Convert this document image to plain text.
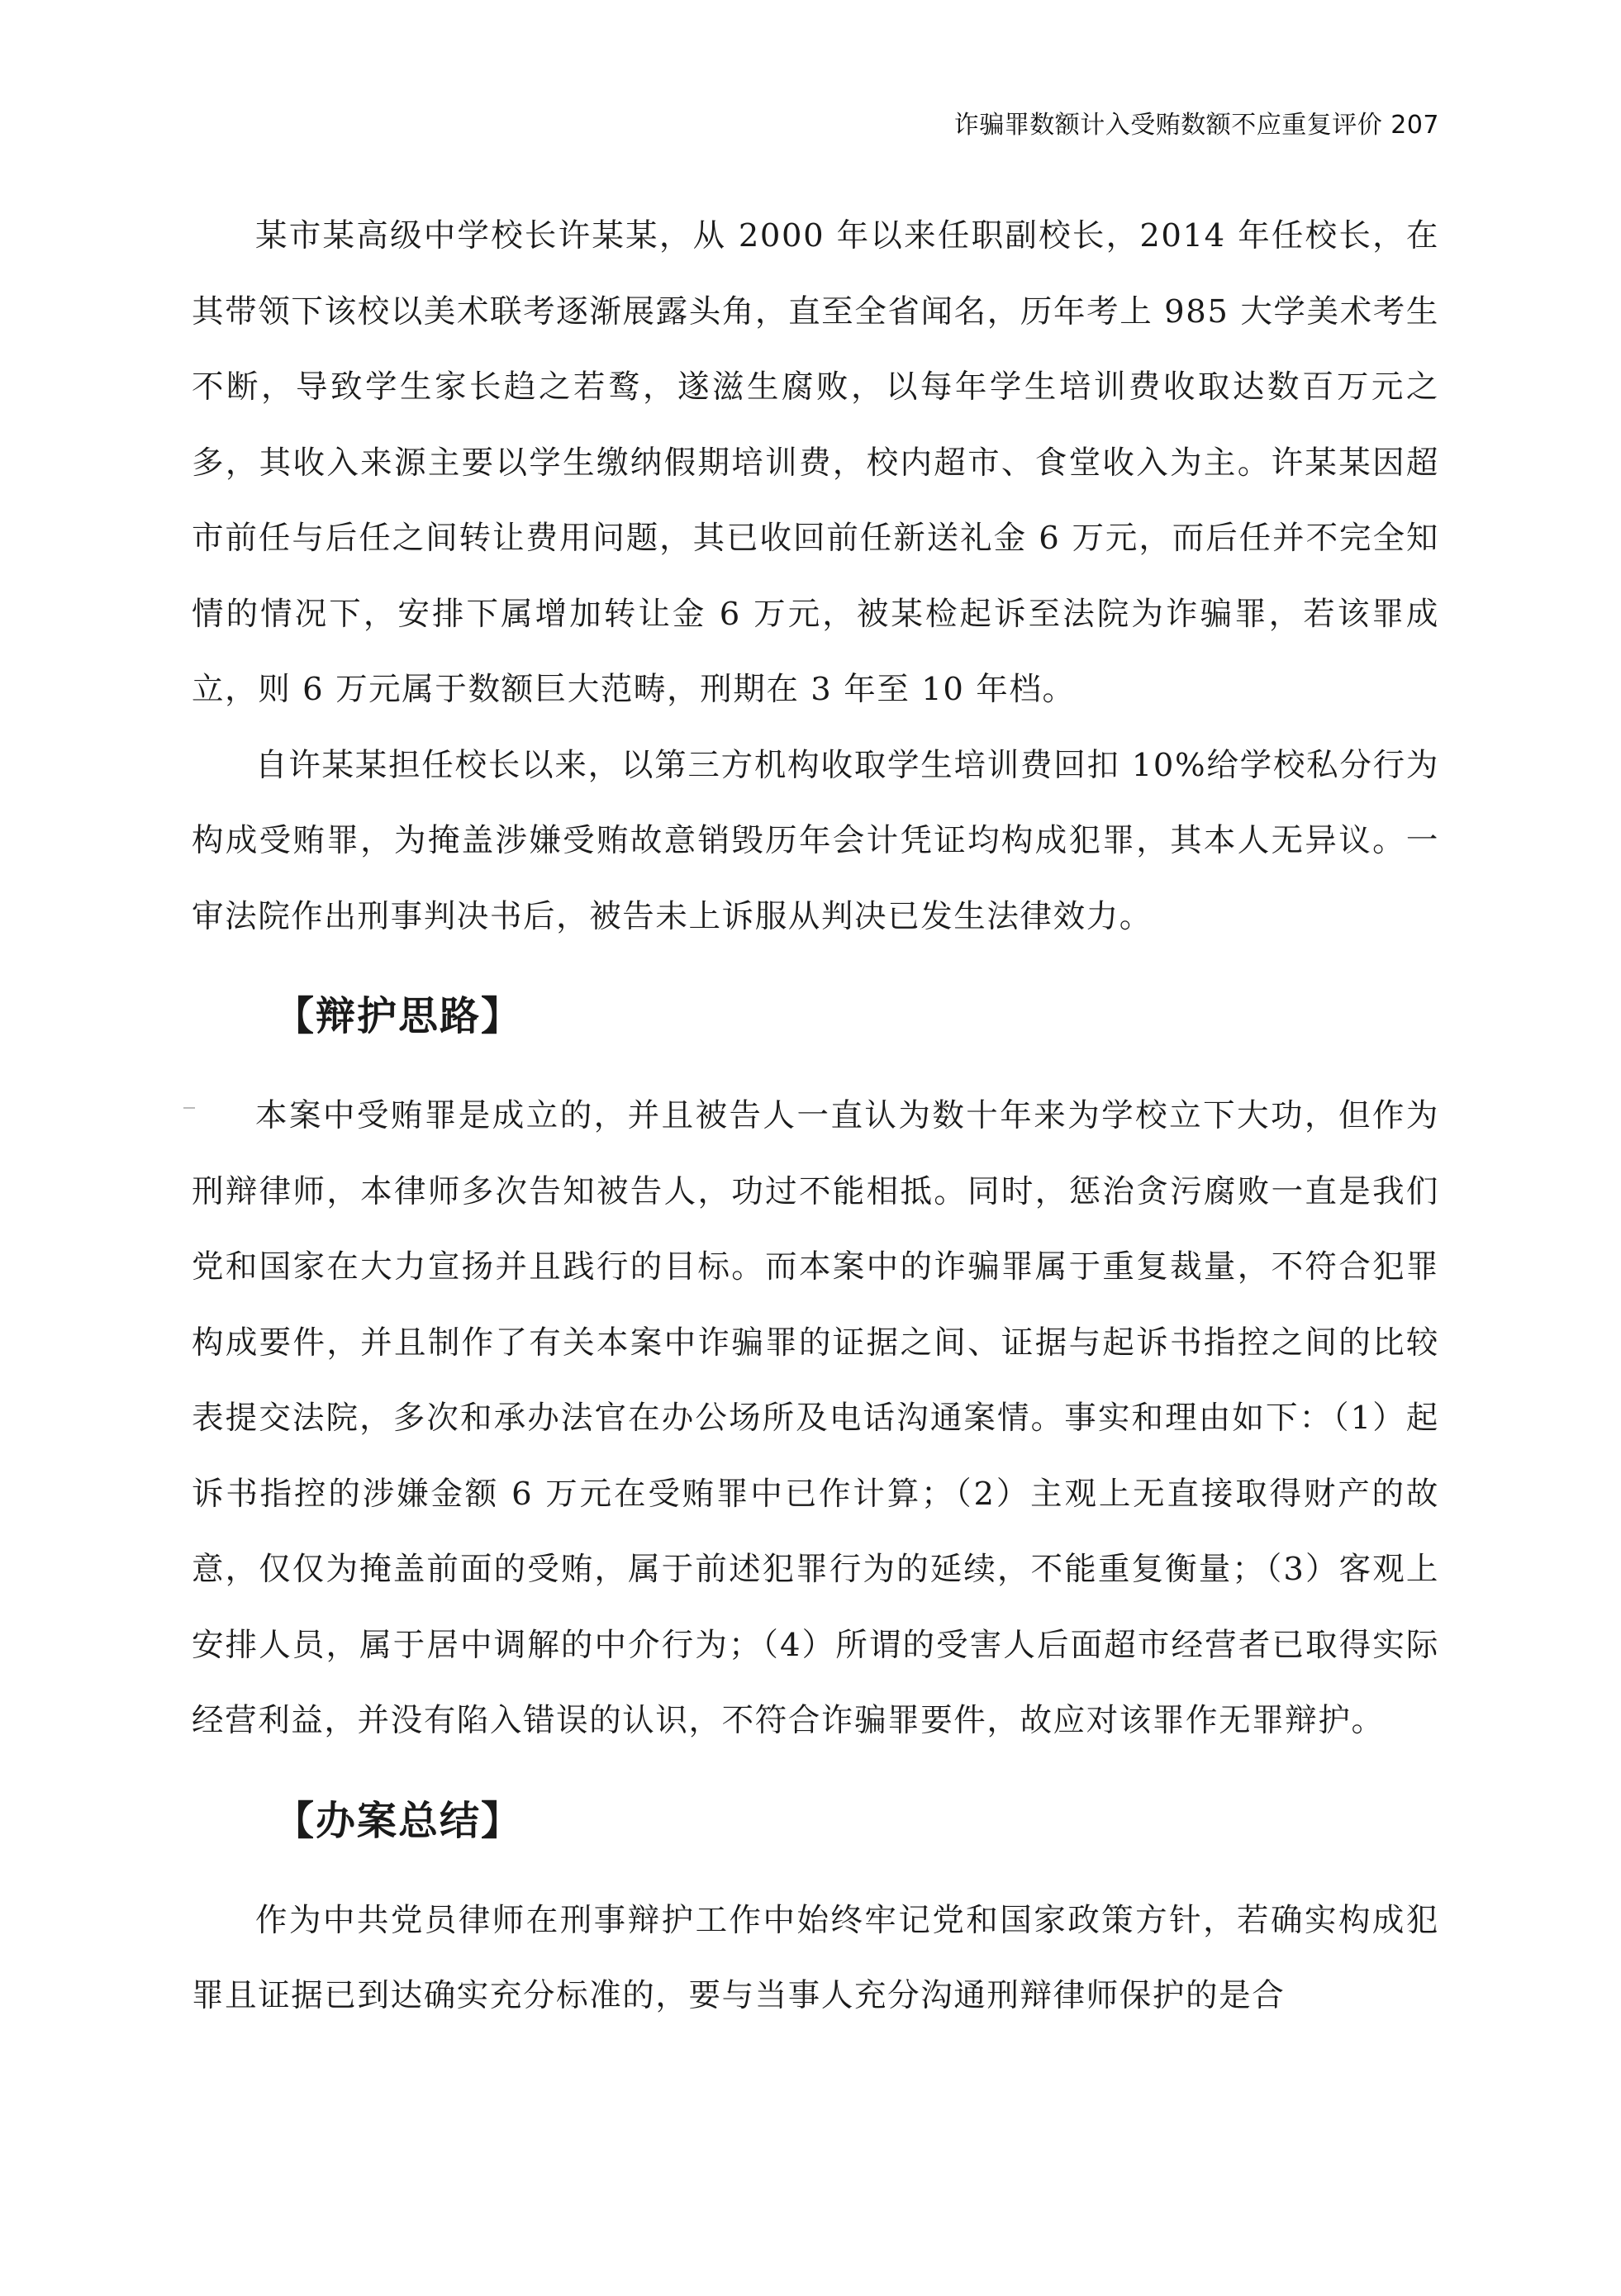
诈骗罪数额计入受贿数额不应重复评价 207

某市某高级中学校长许某某，从 2000 年以来任职副校长，2014 年任校长，在其带领下该校以美术联考逐渐展露头角，直至全省闻名，历年考上 985 大学美术考生不断，导致学生家长趋之若鹜，遂滋生腐败，以每年学生培训费收取达数百万元之多，其收入来源主要以学生缴纳假期培训费，校内超市、食堂收入为主。许某某因超市前任与后任之间转让费用问题，其已收回前任新送礼金 6 万元，而后任并不完全知情的情况下，安排下属增加转让金 6 万元，被某检起诉至法院为诈骗罪，若该罪成立，则 6 万元属于数额巨大范畴，刑期在 3 年至 10 年档。

自许某某担任校长以来，以第三方机构收取学生培训费回扣 10%给学校私分行为构成受贿罪，为掩盖涉嫌受贿故意销毁历年会计凭证均构成犯罪，其本人无异议。一审法院作出刑事判决书后，被告未上诉服从判决已发生法律效力。

【辩护思路】

本案中受贿罪是成立的，并且被告人一直认为数十年来为学校立下大功，但作为刑辩律师，本律师多次告知被告人，功过不能相抵。同时，惩治贪污腐败一直是我们党和国家在大力宣扬并且践行的目标。而本案中的诈骗罪属于重复裁量，不符合犯罪构成要件，并且制作了有关本案中诈骗罪的证据之间、证据与起诉书指控之间的比较表提交法院，多次和承办法官在办公场所及电话沟通案情。事实和理由如下：（1）起诉书指控的涉嫌金额 6 万元在受贿罪中已作计算；（2）主观上无直接取得财产的故意，仅仅为掩盖前面的受贿，属于前述犯罪行为的延续，不能重复衡量；（3）客观上安排人员，属于居中调解的中介行为；（4）所谓的受害人后面超市经营者已取得实际经营利益，并没有陷入错误的认识，不符合诈骗罪要件，故应对该罪作无罪辩护。

【办案总结】

作为中共党员律师在刑事辩护工作中始终牢记党和国家政策方针，若确实构成犯罪且证据已到达确实充分标准的，要与当事人充分沟通刑辩律师保护的是合
